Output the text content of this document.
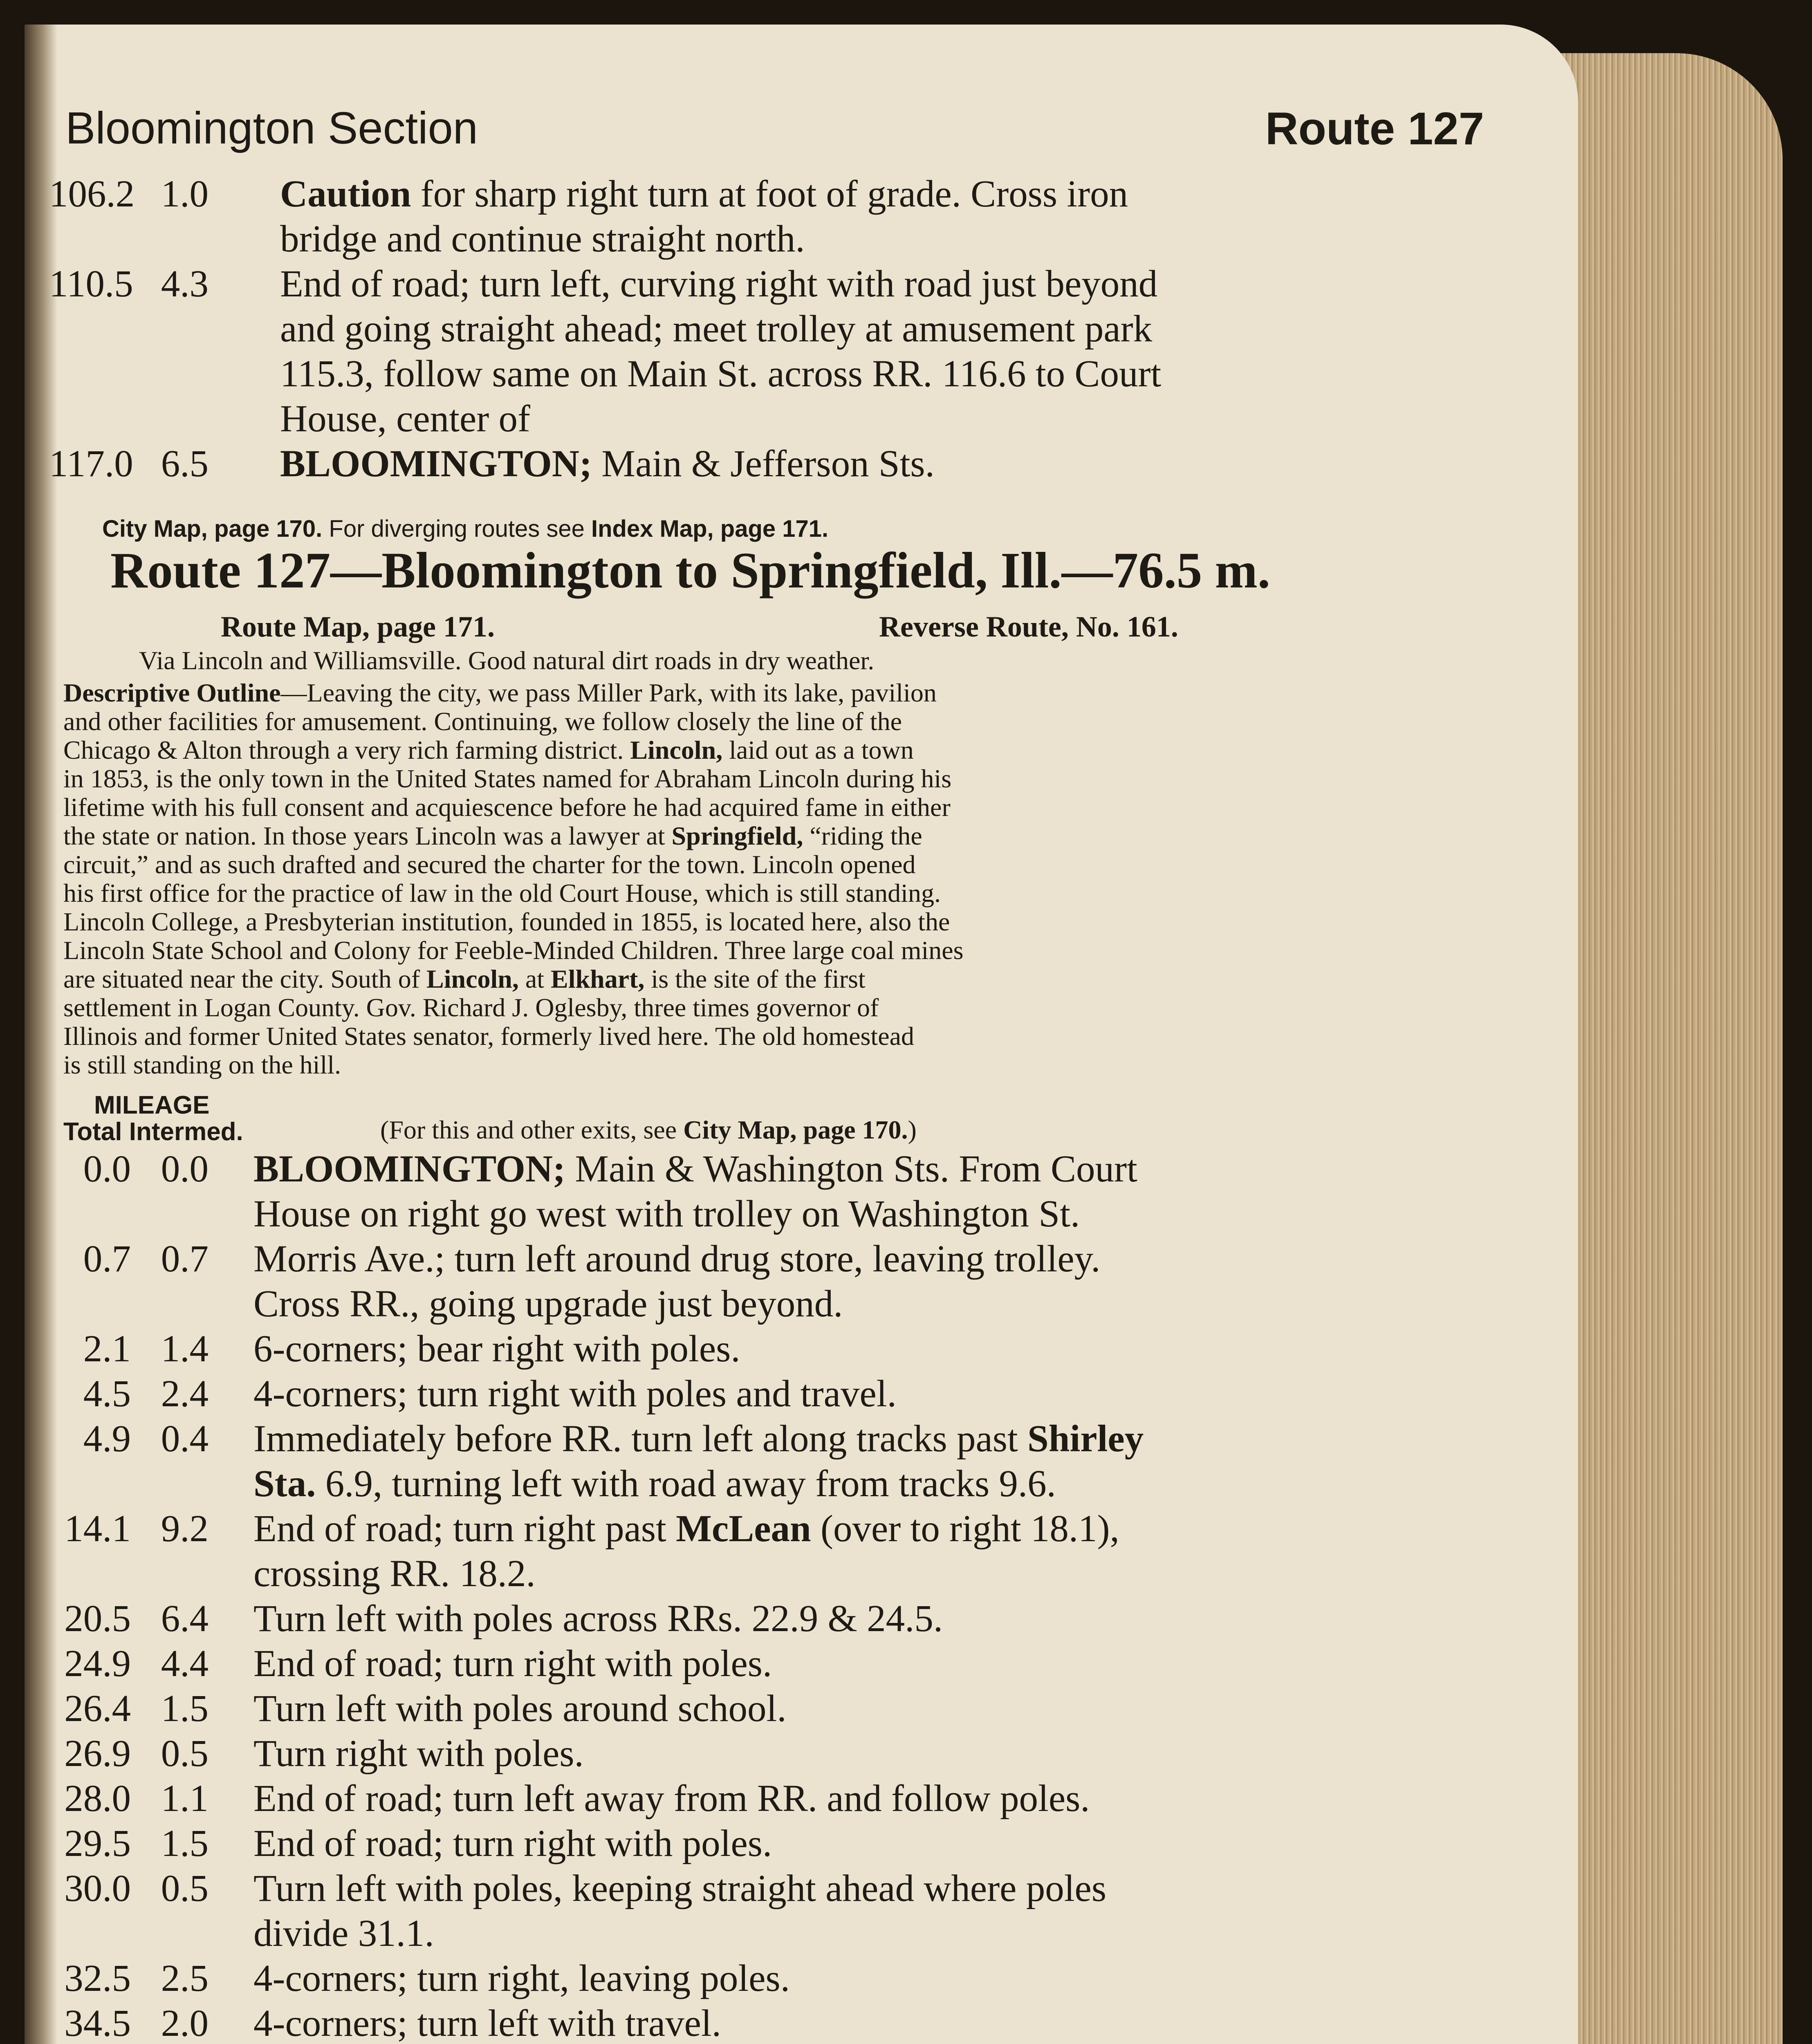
Bloomington Section	Route 127
106.2 1.0 Caution for sharp right turn at foot of grade. Cross iron
bridge and continue straight north.
110.5 4.3 End of road; turn left, curving right with road just beyond
and going straight ahead; meet trolley at amusement park
115.3, follow same on Main St. across RR. 116.6 to Court
House, center of
117.0 6.5 BLOOMINGTON; Main & Jefferson Sts.
City Map, page 170. For diverging routes see Index Map, page 171.
Route 127—Bloomington to Springfield, Ill.—76.5 m.
Route Map, page 171.	Reverse Route, No. 161.
Via Lincoln and Williamsville. Good natural dirt roads in dry weather.
Descriptive Outline—Leaving the city, we pass Miller Park, with its lake, pavilion
and other facilities for amusement. Continuing, we follow closely the line of the
Chicago & Alton through a very rich farming district. Lincoln, laid out as a town
in 1853, is the only town in the United States named for Abraham Lincoln during his
lifetime with his full consent and acquiescence before he had acquired fame in either
the state or nation. In those years Lincoln was a lawyer at Springfield, “riding the
circuit,” and as such drafted and secured the charter for the town. Lincoln opened
his first office for the practice of law in the old Court House, which is still standing.
Lincoln College, a Presbyterian institution, founded in 1855, is located here, also the
Lincoln State School and Colony for Feeble-Minded Children. Three large coal mines
are situated near the city. South of Lincoln, at Elkhart, is the site of the first
settlement in Logan County. Gov. Richard J. Oglesby, three times governor of
Illinois and former United States senator, formerly lived here. The old homestead
is still standing on the hill.
MILEAGE
Total Intermed.	(For this and other exits, see City Map, page 170.)
0.0 0.0 BLOOMINGTON; Main & Washington Sts. From Court
House on right go west with trolley on Washington St.
0.7 0.7 Morris Ave.; turn left around drug store, leaving trolley.
Cross RR., going upgrade just beyond.
2.1 1.4 6-corners; bear right with poles.
4.5 2.4 4-corners; turn right with poles and travel.
4.9 0.4 Immediately before RR. turn left along tracks past Shirley
Sta. 6.9, turning left with road away from tracks 9.6.
14.1 9.2 End of road; turn right past McLean (over to right 18.1),
crossing RR. 18.2.
20.5 6.4 Turn left with poles across RRs. 22.9 & 24.5.
24.9 4.4 End of road; turn right with poles.
26.4 1.5 Turn left with poles around school.
26.9 0.5 Turn right with poles.
28.0 1.1 End of road; turn left away from RR. and follow poles.
29.5 1.5 End of road; turn right with poles.
30.0 0.5 Turn left with poles, keeping straight ahead where poles
divide 31.1.
32.5 2.5 4-corners; turn right, leaving poles.
34.5 2.0 4-corners; turn left with travel.
